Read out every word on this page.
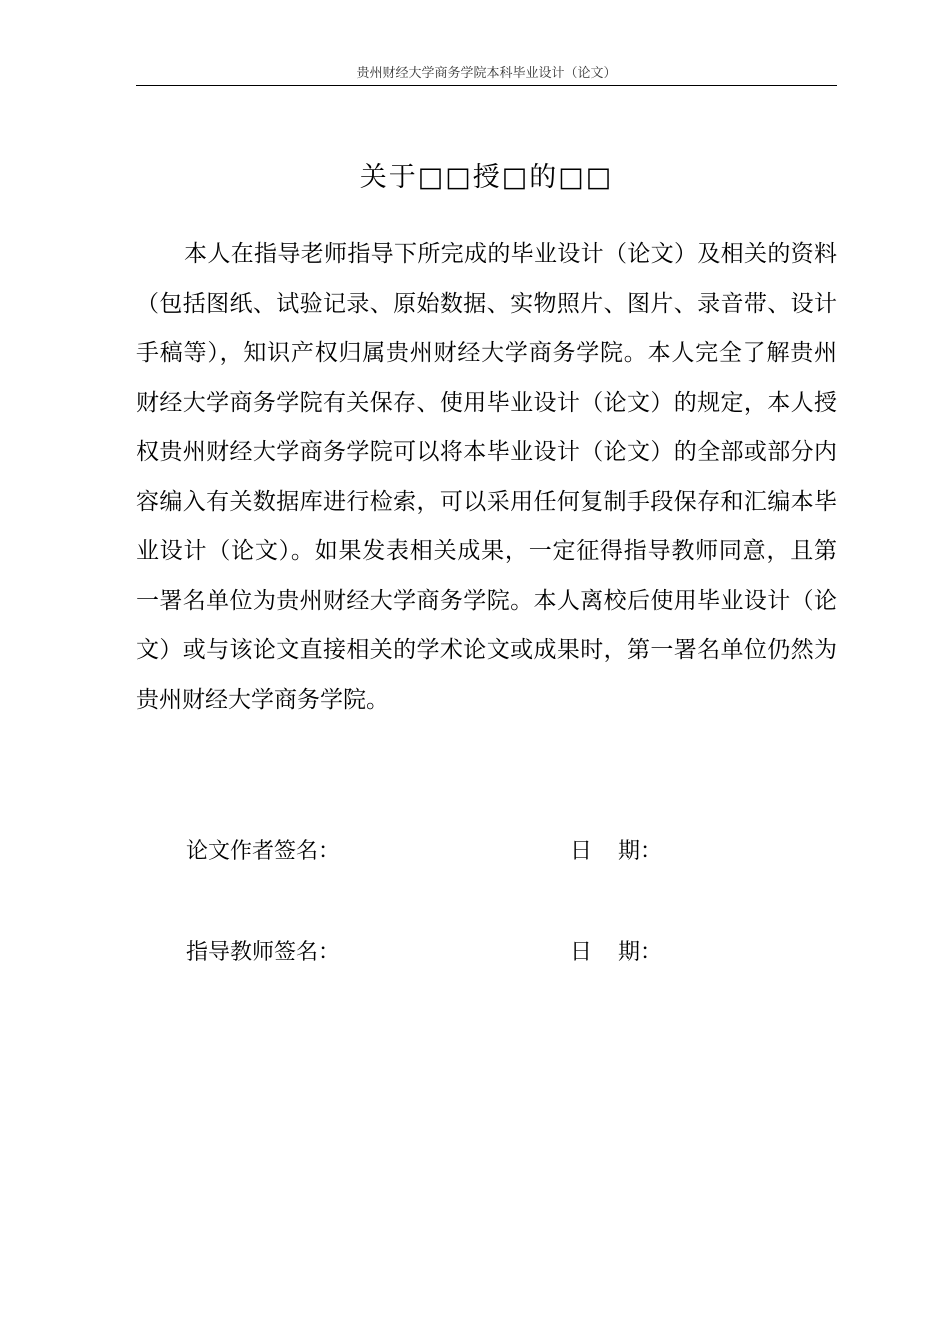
贵州财经大学商务学院本科毕业设计（论文）
关于□□授□的□□

本人在指导老师指导下所完成的毕业设计（论文）及相关的资料（包括图纸、试验记录、原始数据、实物照片、图片、录音带、设计手稿等），知识产权归属贵州财经大学商务学院。本人完全了解贵州财经大学商务学院有关保存、使用毕业设计（论文）的规定，本人授权贵州财经大学商务学院可以将本毕业设计（论文）的全部或部分内容编入有关数据库进行检索，可以采用任何复制手段保存和汇编本毕业设计（论文）。如果发表相关成果，一定征得指导教师同意，且第一署名单位为贵州财经大学商务学院。本人离校后使用毕业设计（论文）或与该论文直接相关的学术论文或成果时，第一署名单位仍然为贵州财经大学商务学院。

论文作者签名：	日 期：
指导教师签名：	日 期：
